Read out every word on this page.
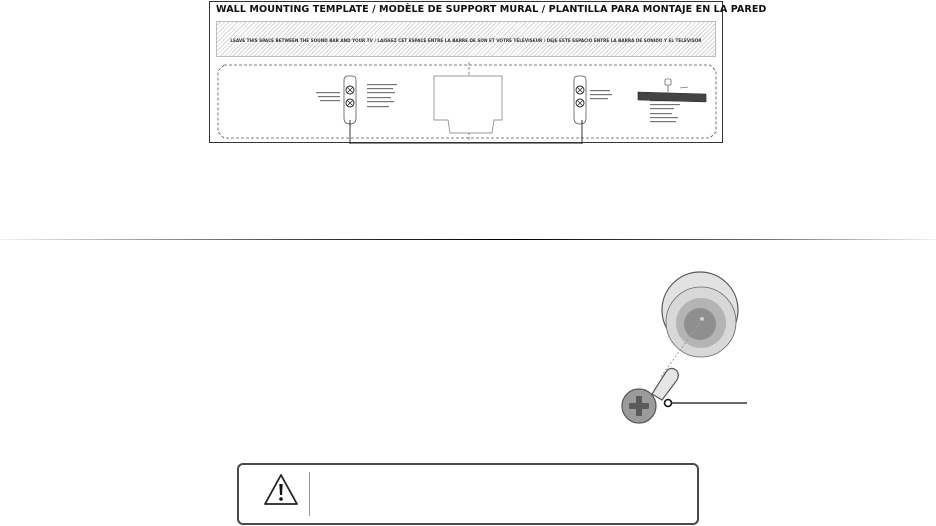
WALL MOUNTING TEMPLATE / MODÈLE DE SUPPORT MURAL / PLANTILLA PARA MONTAJE EN LA PARED
LEAVE THIS SPACE BETWEEN THE SOUND BAR AND YOUR TV / LAISSEZ CET ESPACE ENTRE LA BARRE DE SON ET VOTRE TÉLÉVISEUR / DEJE ESTE ESPACIO ENTRE LA BARRA DE SONIDO Y EL TELEVISOR
